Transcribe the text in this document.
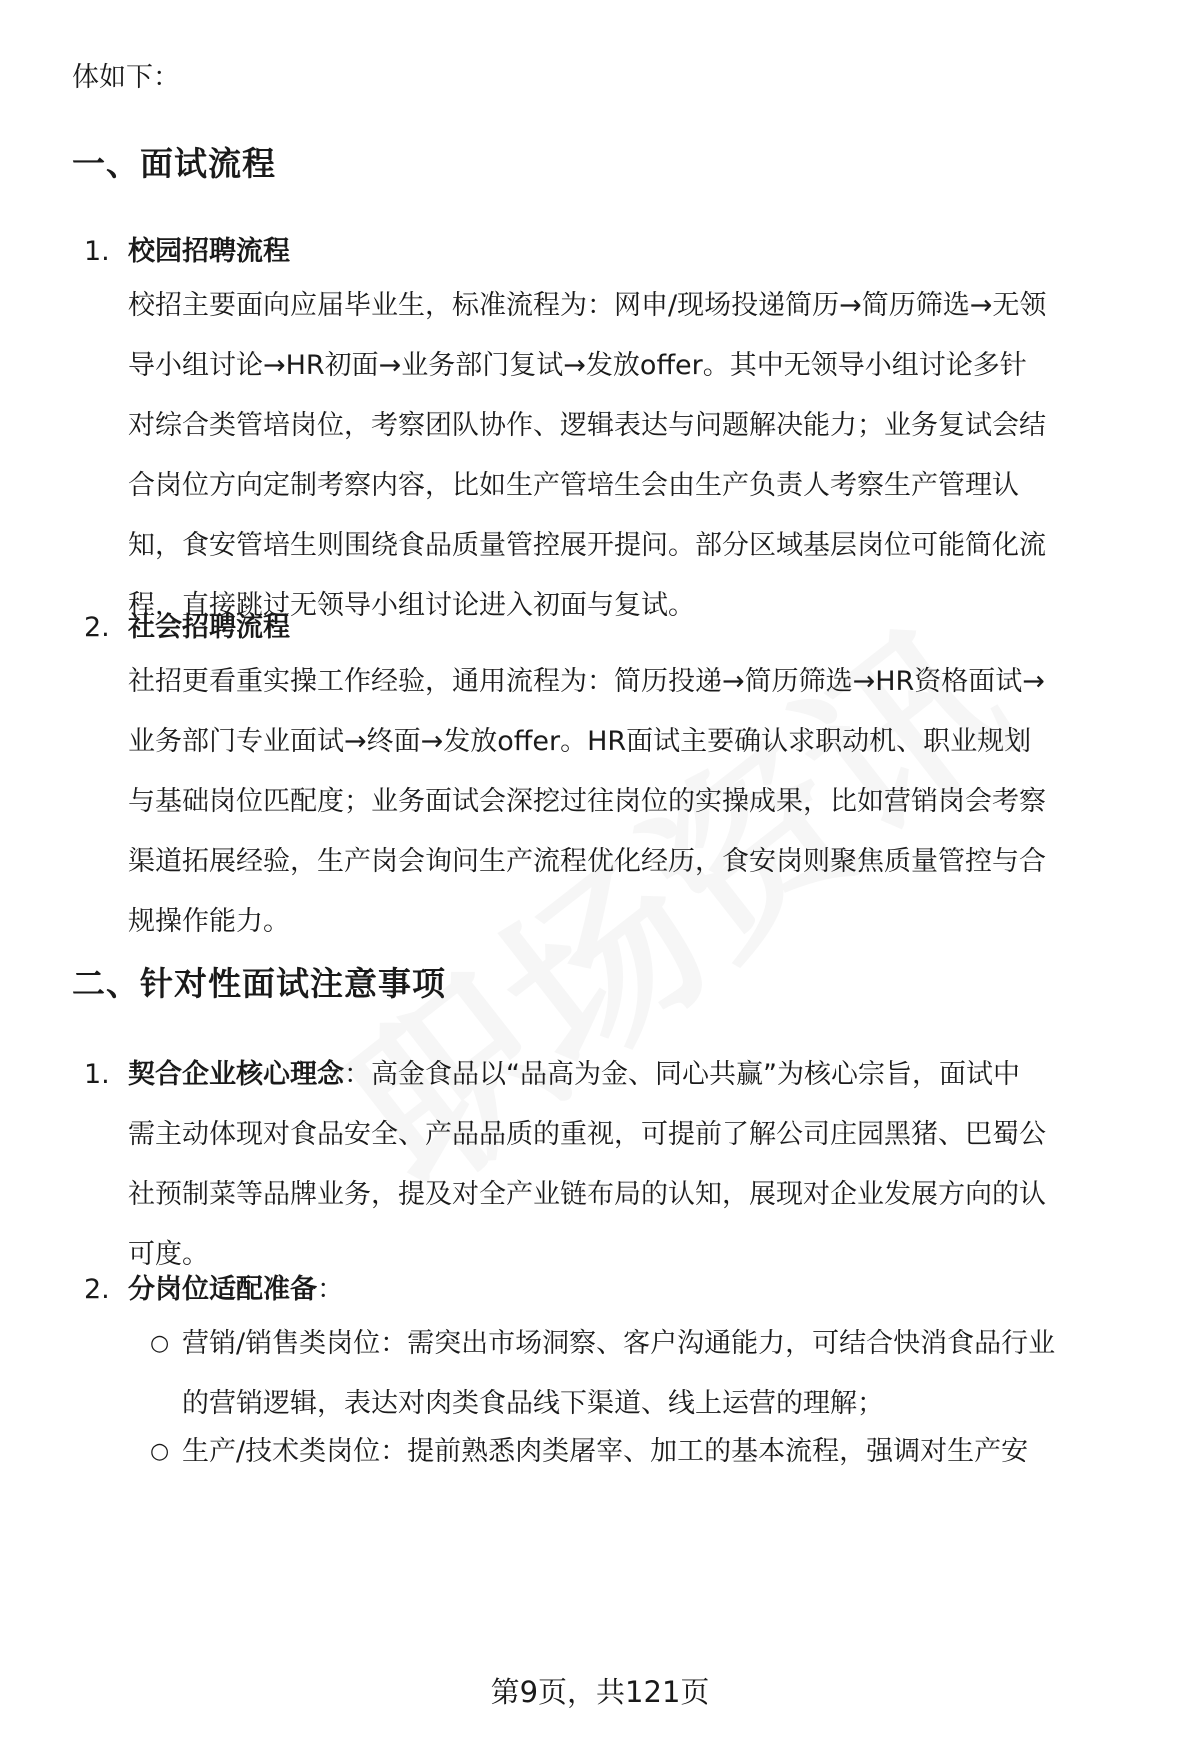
体如下：
一、面试流程
1. 校园招聘流程
校招主要面向应届毕业生，标准流程为：网申/现场投递简历→简历筛选→无领
导小组讨论→HR初面→业务部门复试→发放offer。其中无领导小组讨论多针
对综合类管培岗位，考察团队协作、逻辑表达与问题解决能力；业务复试会结
合岗位方向定制考察内容，比如生产管培生会由生产负责人考察生产管理认
知，食安管培生则围绕食品质量管控展开提问。部分区域基层岗位可能简化流
程，直接跳过无领导小组讨论进入初面与复试。
2. 社会招聘流程
社招更看重实操工作经验，通用流程为：简历投递→简历筛选→HR资格面试→
业务部门专业面试→终面→发放offer。HR面试主要确认求职动机、职业规划
与基础岗位匹配度；业务面试会深挖过往岗位的实操成果，比如营销岗会考察
渠道拓展经验，生产岗会询问生产流程优化经历，食安岗则聚焦质量管控与合
规操作能力。
二、针对性面试注意事项
1. 契合企业核心理念：高金食品以“品高为金、同心共赢”为核心宗旨，面试中
需主动体现对食品安全、产品品质的重视，可提前了解公司庄园黑猪、巴蜀公
社预制菜等品牌业务，提及对全产业链布局的认知，展现对企业发展方向的认
可度。
2. 分岗位适配准备：
○ 营销/销售类岗位：需突出市场洞察、客户沟通能力，可结合快消食品行业
的营销逻辑，表达对肉类食品线下渠道、线上运营的理解；
○ 生产/技术类岗位：提前熟悉肉类屠宰、加工的基本流程，强调对生产安
第9页，共121页
